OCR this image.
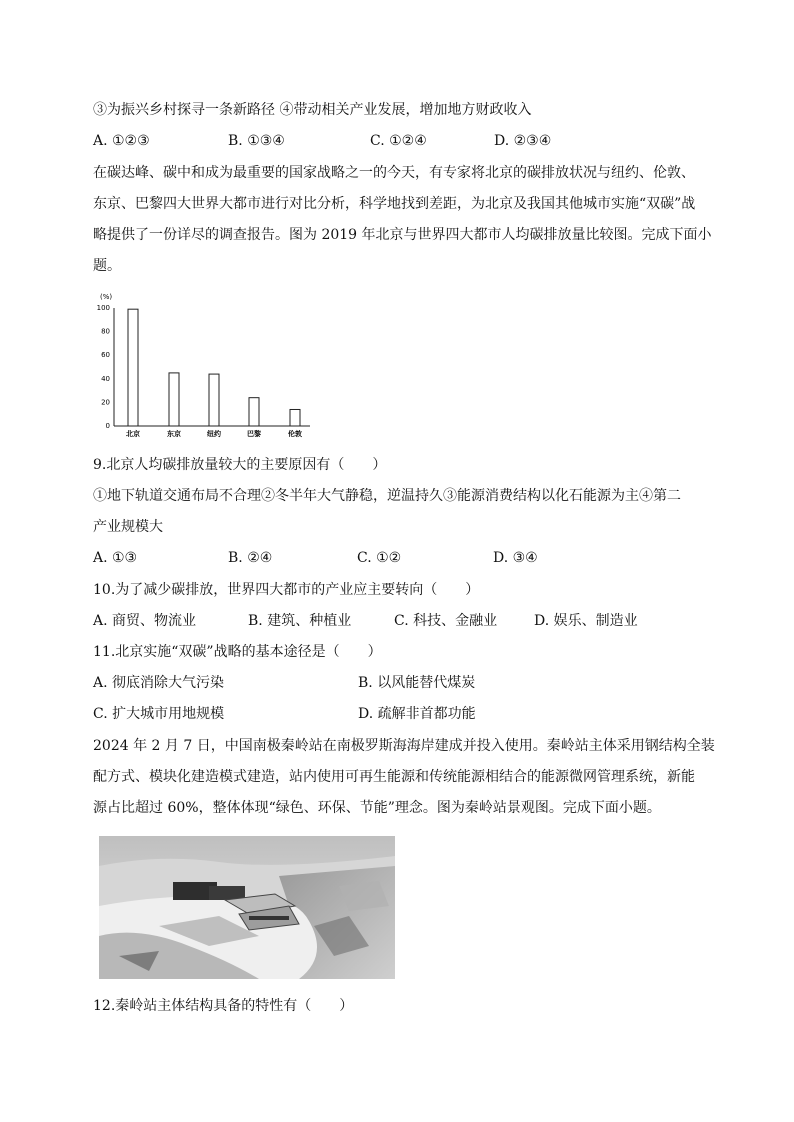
③为振兴乡村探寻一条新路径 ④带动相关产业发展，增加地方财政收入
A. ①②③	B. ①③④	C. ①②④	D. ②③④
在碳达峰、碳中和成为最重要的国家战略之一的今天，有专家将北京的碳排放状况与纽约、伦敦、
东京、巴黎四大世界大都市进行对比分析，科学地找到差距，为北京及我国其他城市实施“双碳”战
略提供了一份详尽的调查报告。图为 2019 年北京与世界四大都市人均碳排放量比较图。完成下面小
题。
(%)
100
80
60
40
20
0
北京	东京	纽约	巴黎	伦敦
9.北京人均碳排放量较大的主要原因有（　　）
①地下轨道交通布局不合理②冬半年大气静稳，逆温持久③能源消费结构以化石能源为主④第二
产业规模大
A. ①③	B. ②④	C. ①②	D. ③④
10.为了减少碳排放，世界四大都市的产业应主要转向（　　）
A. 商贸、物流业	B. 建筑、种植业	C. 科技、金融业	D. 娱乐、制造业
11.北京实施“双碳”战略的基本途径是（　　）
A. 彻底消除大气污染	B. 以风能替代煤炭
C. 扩大城市用地规模	D. 疏解非首都功能
2024 年 2 月 7 日，中国南极秦岭站在南极罗斯海海岸建成并投入使用。秦岭站主体采用钢结构全装
配方式、模块化建造模式建造，站内使用可再生能源和传统能源相结合的能源微网管理系统，新能
源占比超过 60%，整体体现“绿色、环保、节能”理念。图为秦岭站景观图。完成下面小题。
12.秦岭站主体结构具备的特性有（　　）
